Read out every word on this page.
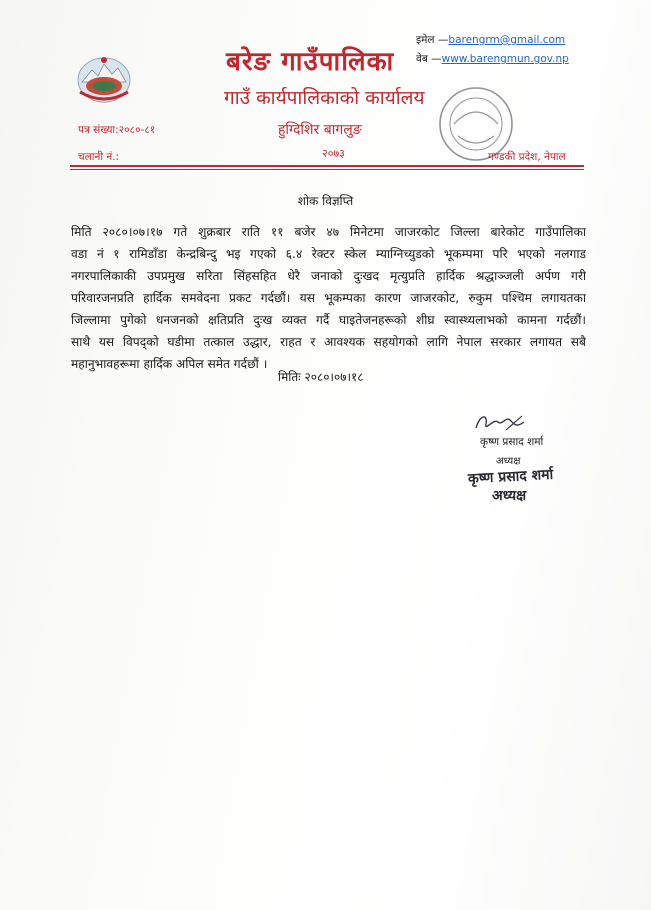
बरेङ गाउँपालिका
गाउँ कार्यपालिकाको कार्यालय
हुग्दिशिर बागलुङ
२०७३
इमेल —barengrm@gmail.com
वेब —www.barengmun.gov.np
पत्र संख्या:२०८०-८१
चलानी नं.:	गण्डकी प्रदेश, नेपाल
शोक विज्ञप्ति
मिति २०८०।०७।१७ गते शुक्रबार राति ११ बजेर ४७ मिनेटमा जाजरकोट जिल्ला बारेकोट गाउँपालिका
वडा नं १ रामिडाँडा केन्द्रबिन्दु भइ गएको ६.४ रेक्टर स्केल म्याग्निच्युडको भूकम्पमा परि भएको नलगाड
नगरपालिकाकी उपप्रमुख सरिता सिंहसहित धेरै जनाको दुःखद मृत्युप्रति हार्दिक श्रद्धाञ्जली अर्पण गरी
परिवारजनप्रति हार्दिक समवेदना प्रकट गर्दछौं। यस भूकम्पका कारण जाजरकोट, रुकुम पश्चिम लगायतका
जिल्लामा पुगेको धनजनको क्षतिप्रति दुःख व्यक्त गर्दै घाइतेजनहरूको शीघ्र स्वास्थ्यलाभको कामना गर्दछौं।
साथै यस विपद्को घडीमा तत्काल उद्धार, राहत र आवश्यक सहयोगको लागि नेपाल सरकार लगायत सबै
महानुभावहरूमा हार्दिक अपिल समेत गर्दछौं ।
मितिः २०८०।०७।१८
कृष्ण प्रसाद शर्मा
अध्यक्ष
कृष्ण प्रसाद शर्मा
अध्यक्ष
